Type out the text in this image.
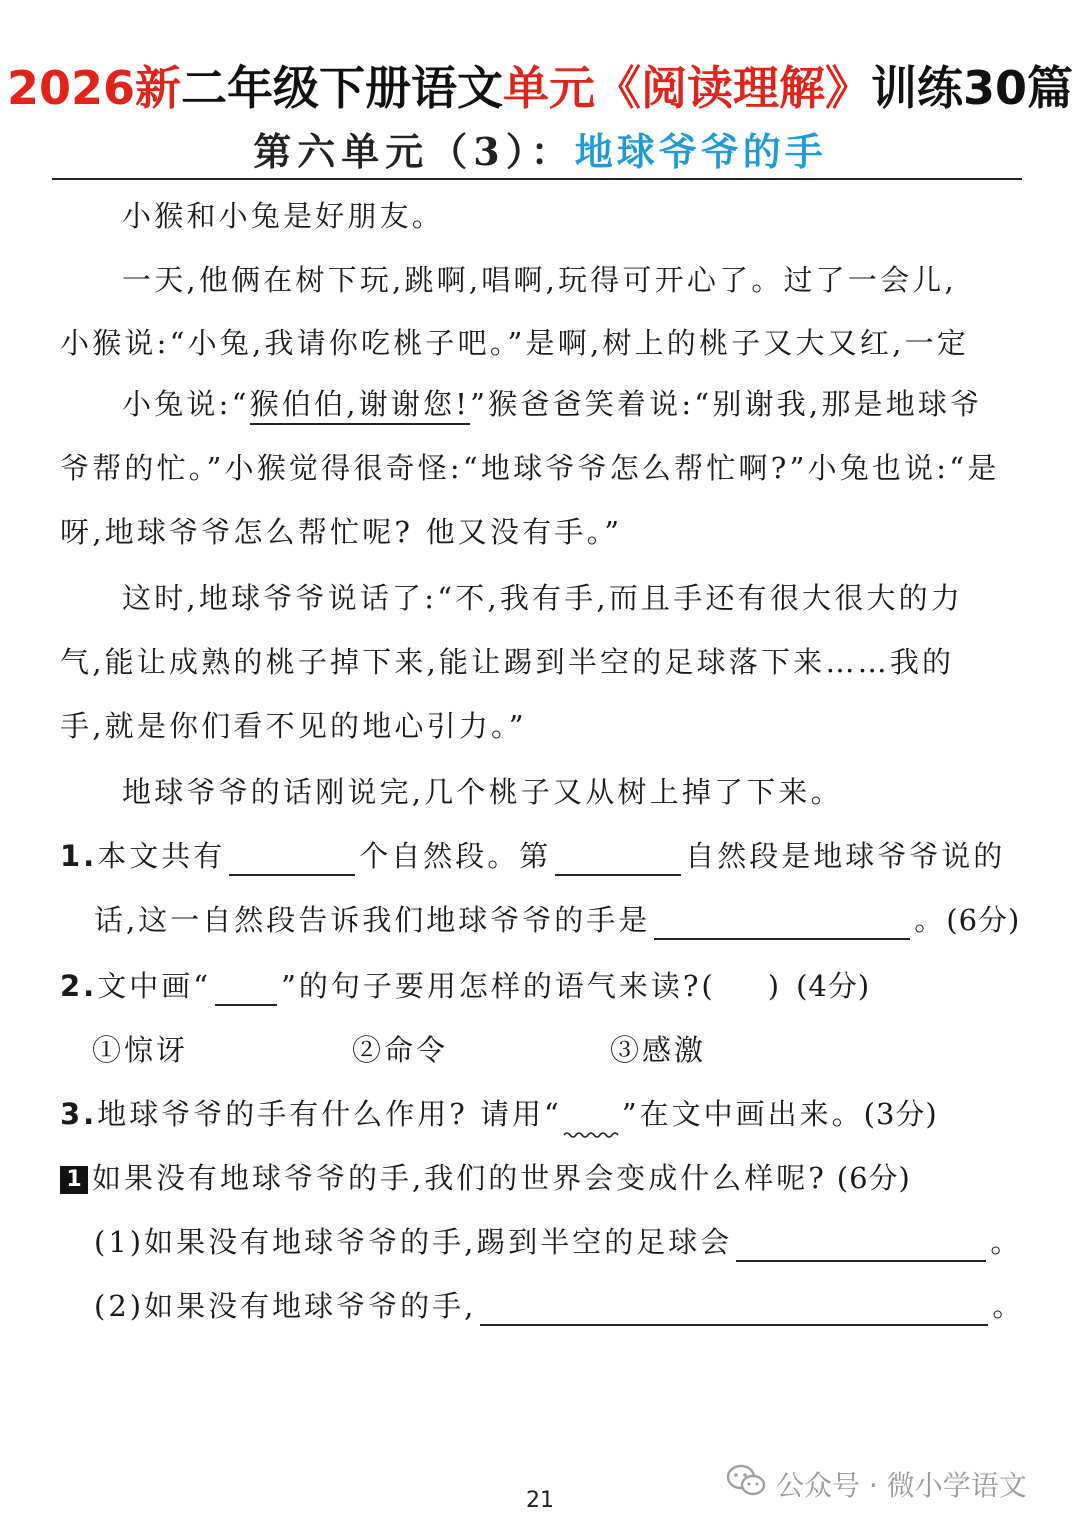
2026新二年级下册语文单元《阅读理解》训练30篇
第六单元（3）：地球爷爷的手
小猴和小兔是好朋友。
一天,他俩在树下玩,跳啊,唱啊,玩得可开心了。过了一会儿,
小猴说:“小兔,我请你吃桃子吧。”是啊,树上的桃子又大又红,一定
小兔说:“猴伯伯,谢谢您!”猴爸爸笑着说:“别谢我,那是地球爷
爷帮的忙。”小猴觉得很奇怪:“地球爷爷怎么帮忙啊?”小兔也说:“是
呀,地球爷爷怎么帮忙呢? 他又没有手。”
这时,地球爷爷说话了:“不,我有手,而且手还有很大很大的力
气,能让成熟的桃子掉下来,能让踢到半空的足球落下来……我的
手,就是你们看不见的地心引力。”
地球爷爷的话刚说完,几个桃子又从树上掉了下来。
1.本文共有	个自然段。第	自然段是地球爷爷说的
话,这一自然段告诉我们地球爷爷的手是	。(6分)
2.文中画“ ”的句子要用怎样的语气来读?( ) (4分)
①惊讶	②命令	③感激
3.地球爷爷的手有什么作用? 请用“ ”在文中画出来。(3分)
1 如果没有地球爷爷的手,我们的世界会变成什么样呢? (6分)
(1)如果没有地球爷爷的手,踢到半空的足球会	。
(2)如果没有地球爷爷的手,	。
公众号 · 微小学语文
21
